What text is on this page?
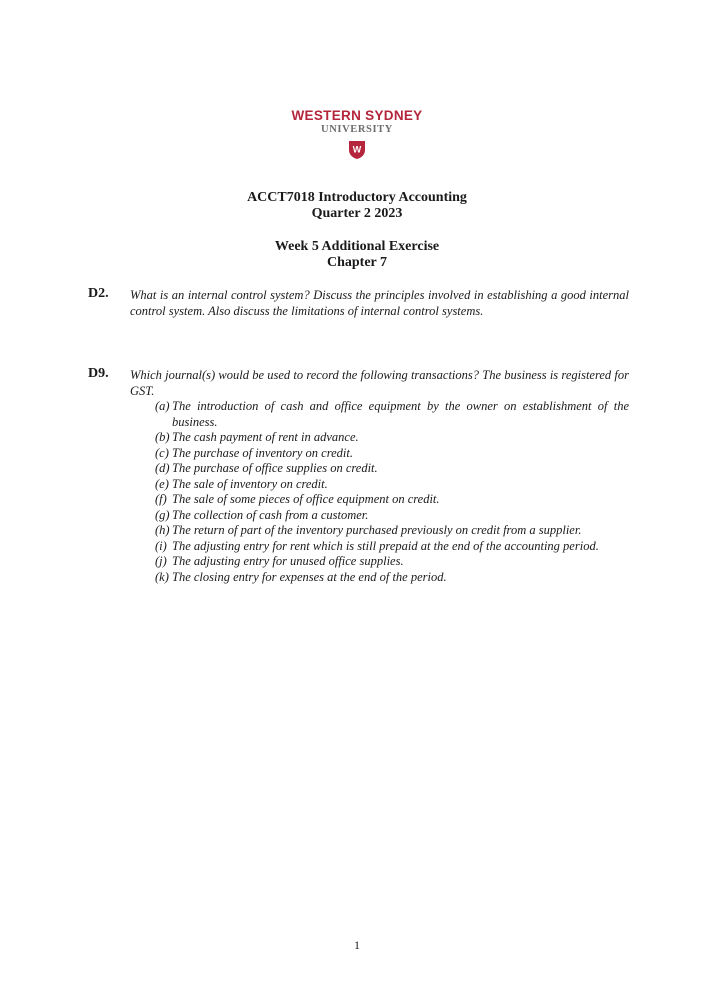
WESTERN SYDNEY
UNIVERSITY
W
ACCT7018 Introductory Accounting
Quarter 2 2023
Week 5 Additional Exercise
Chapter 7
D2. What is an internal control system? Discuss the principles involved in establishing a good internal control system. Also discuss the limitations of internal control systems.
D9. Which journal(s) would be used to record the following transactions? The business is registered for GST.
(a) The introduction of cash and office equipment by the owner on establishment of the business.
(b) The cash payment of rent in advance.
(c) The purchase of inventory on credit.
(d) The purchase of office supplies on credit.
(e) The sale of inventory on credit.
(f) The sale of some pieces of office equipment on credit.
(g) The collection of cash from a customer.
(h) The return of part of the inventory purchased previously on credit from a supplier.
(i) The adjusting entry for rent which is still prepaid at the end of the accounting period.
(j) The adjusting entry for unused office supplies.
(k) The closing entry for expenses at the end of the period.
1
